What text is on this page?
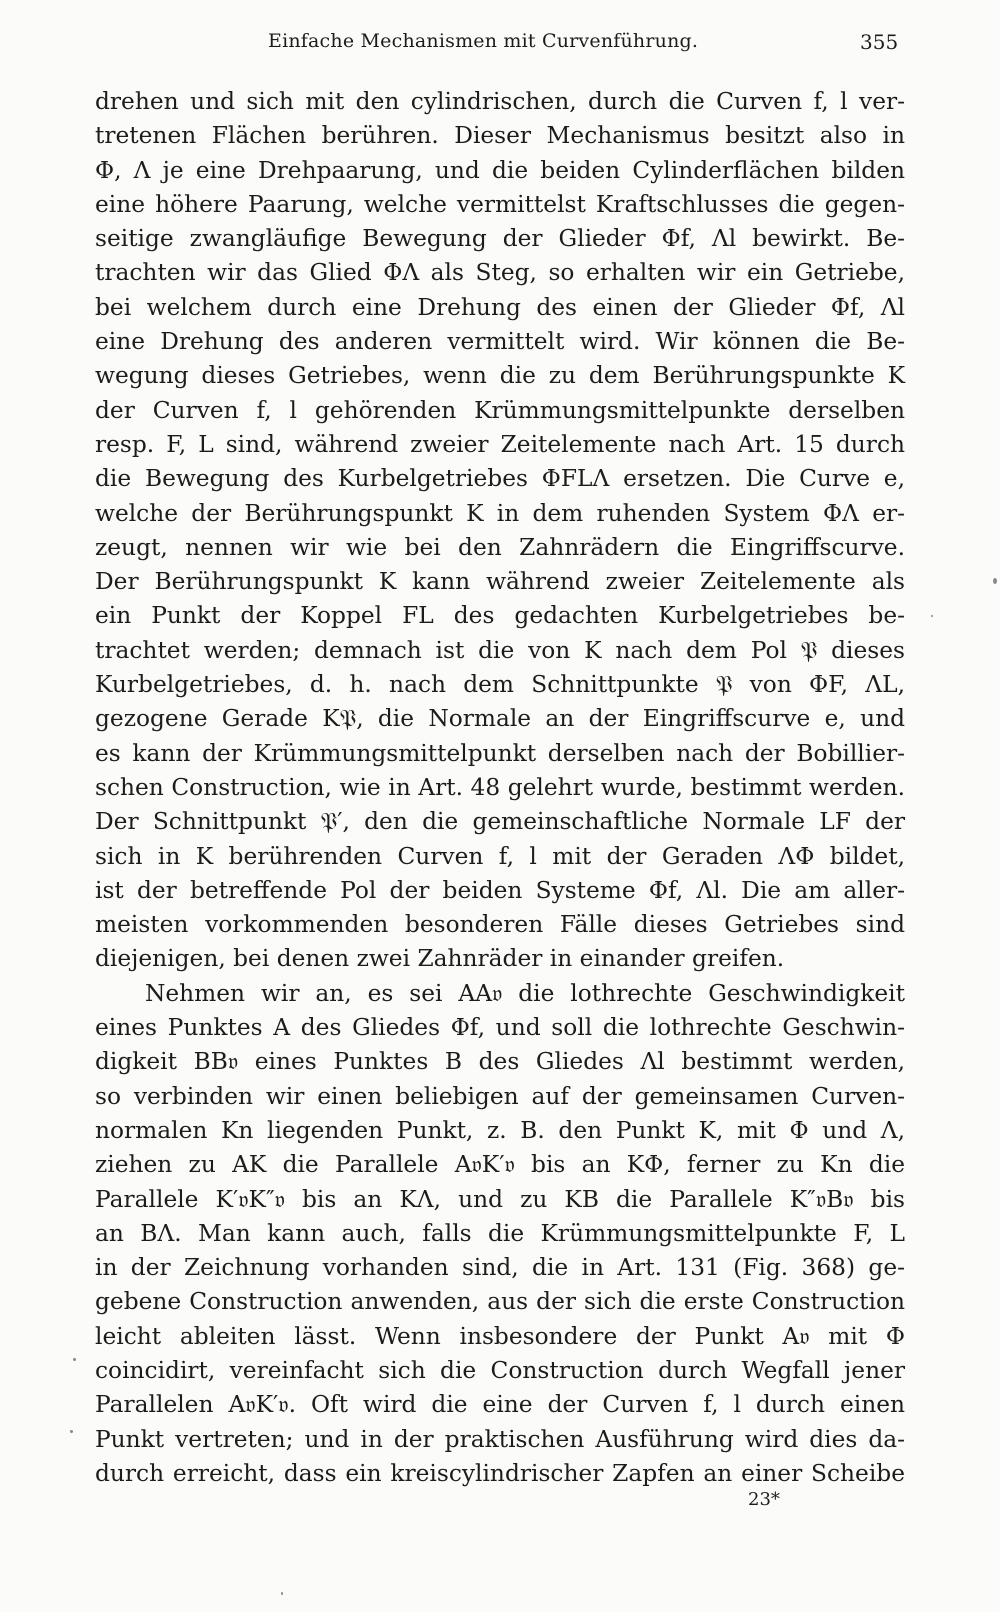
Einfache Mechanismen mit Curvenführung.	355
drehen und sich mit den cylindrischen, durch die Curven f, l ver-
tretenen Flächen berühren. Dieser Mechanismus besitzt also in
Φ, Λ je eine Drehpaarung, und die beiden Cylinderflächen bilden
eine höhere Paarung, welche vermittelst Kraftschlusses die gegen-
seitige zwangläufige Bewegung der Glieder Φf, Λl bewirkt. Be-
trachten wir das Glied ΦΛ als Steg, so erhalten wir ein Getriebe,
bei welchem durch eine Drehung des einen der Glieder Φf, Λl
eine Drehung des anderen vermittelt wird. Wir können die Be-
wegung dieses Getriebes, wenn die zu dem Berührungspunkte K
der Curven f, l gehörenden Krümmungsmittelpunkte derselben
resp. F, L sind, während zweier Zeitelemente nach Art. 15 durch
die Bewegung des Kurbelgetriebes ΦFLΛ ersetzen. Die Curve e,
welche der Berührungspunkt K in dem ruhenden System ΦΛ er-
zeugt, nennen wir wie bei den Zahnrädern die Eingriffscurve.
Der Berührungspunkt K kann während zweier Zeitelemente als
ein Punkt der Koppel FL des gedachten Kurbelgetriebes be-
trachtet werden; demnach ist die von K nach dem Pol 𝔓 dieses
Kurbelgetriebes, d. h. nach dem Schnittpunkte 𝔓 von ΦF, ΛL,
gezogene Gerade K𝔓, die Normale an der Eingriffscurve e, und
es kann der Krümmungsmittelpunkt derselben nach der Bobillier-
schen Construction, wie in Art. 48 gelehrt wurde, bestimmt werden.
Der Schnittpunkt 𝔓′, den die gemeinschaftliche Normale LF der
sich in K berührenden Curven f, l mit der Geraden ΛΦ bildet,
ist der betreffende Pol der beiden Systeme Φf, Λl. Die am aller-
meisten vorkommenden besonderen Fälle dieses Getriebes sind
diejenigen, bei denen zwei Zahnräder in einander greifen.
Nehmen wir an, es sei AA𝔳 die lothrechte Geschwindigkeit
eines Punktes A des Gliedes Φf, und soll die lothrechte Geschwin-
digkeit BB𝔳 eines Punktes B des Gliedes Λl bestimmt werden,
so verbinden wir einen beliebigen auf der gemeinsamen Curven-
normalen Kn liegenden Punkt, z. B. den Punkt K, mit Φ und Λ,
ziehen zu AK die Parallele A𝔳K′𝔳 bis an KΦ, ferner zu Kn die
Parallele K′𝔳K″𝔳 bis an KΛ, und zu KB die Parallele K″𝔳B𝔳 bis
an BΛ. Man kann auch, falls die Krümmungsmittelpunkte F, L
in der Zeichnung vorhanden sind, die in Art. 131 (Fig. 368) ge-
gebene Construction anwenden, aus der sich die erste Construction
leicht ableiten lässt. Wenn insbesondere der Punkt A𝔳 mit Φ
coincidirt, vereinfacht sich die Construction durch Wegfall jener
Parallelen A𝔳K′𝔳. Oft wird die eine der Curven f, l durch einen
Punkt vertreten; und in der praktischen Ausführung wird dies da-
durch erreicht, dass ein kreiscylindrischer Zapfen an einer Scheibe
23*
